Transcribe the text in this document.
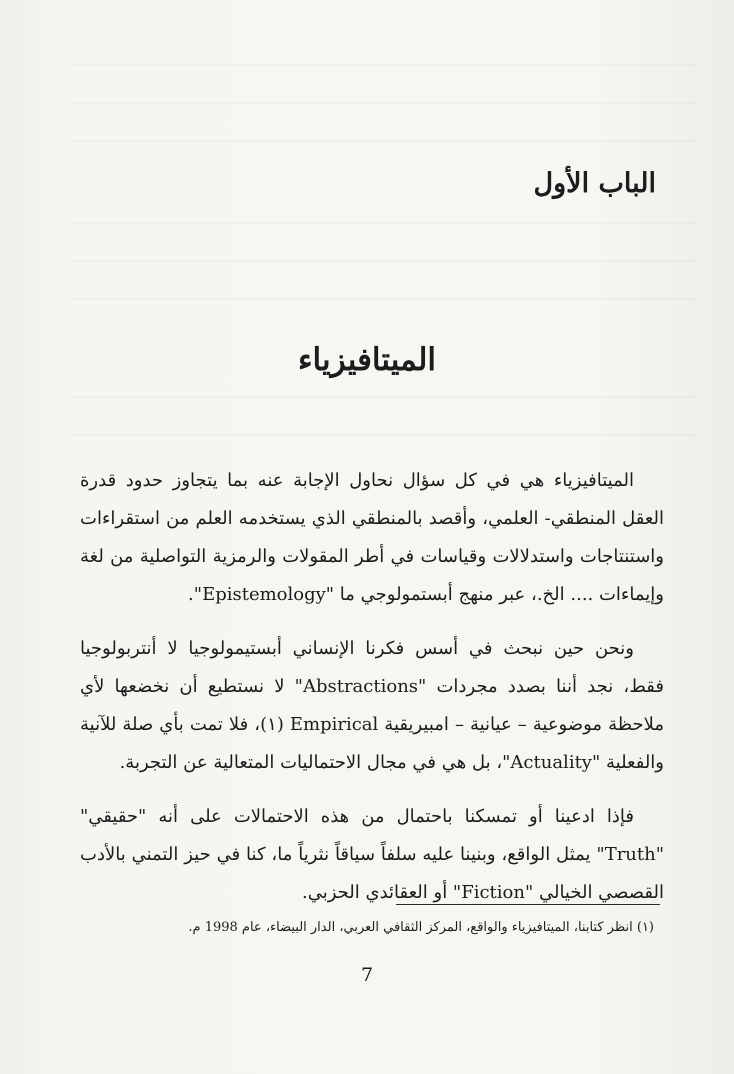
الباب الأول
الميتافيزياء

الميتافيزياء هي في كل سؤال نحاول الإجابة عنه بما يتجاوز حدود قدرة العقل المنطقي- العلمي، وأقصد بالمنطقي الذي يستخدمه العلم من استقراءات واستنتاجات واستدلالات وقياسات في أطر المقولات والرمزية التواصلية من لغة وإيماءات .... الخ.، عبر منهج أبستمولوجي ما "Epistemology".

ونحن حين نبحث في أسس فكرنا الإنساني أبستيمولوجيا لا أنتربولوجيا فقط، نجد أننا بصدد مجردات "Abstractions" لا نستطيع أن نخضعها لأي ملاحظة موضوعية – عيانية – امبيريقية Empirical (١)، فلا تمت بأي صلة للآنية والفعلية "Actuality"، بل هي في مجال الاحتماليات المتعالية عن التجربة.

فإذا ادعينا أو تمسكنا باحتمال من هذه الاحتمالات على أنه "حقيقي" "Truth" يمثل الواقع، وبنينا عليه سلفاً سياقاً نثرياً ما، كنا في حيز التمني بالأدب القصصي الخيالي "Fiction" أو العقائدي الحزبي.

(١) انظر كتابنا، الميتافيزياء والواقع، المركز الثقافي العربي، الدار البيضاء، عام 1998 م.
7
